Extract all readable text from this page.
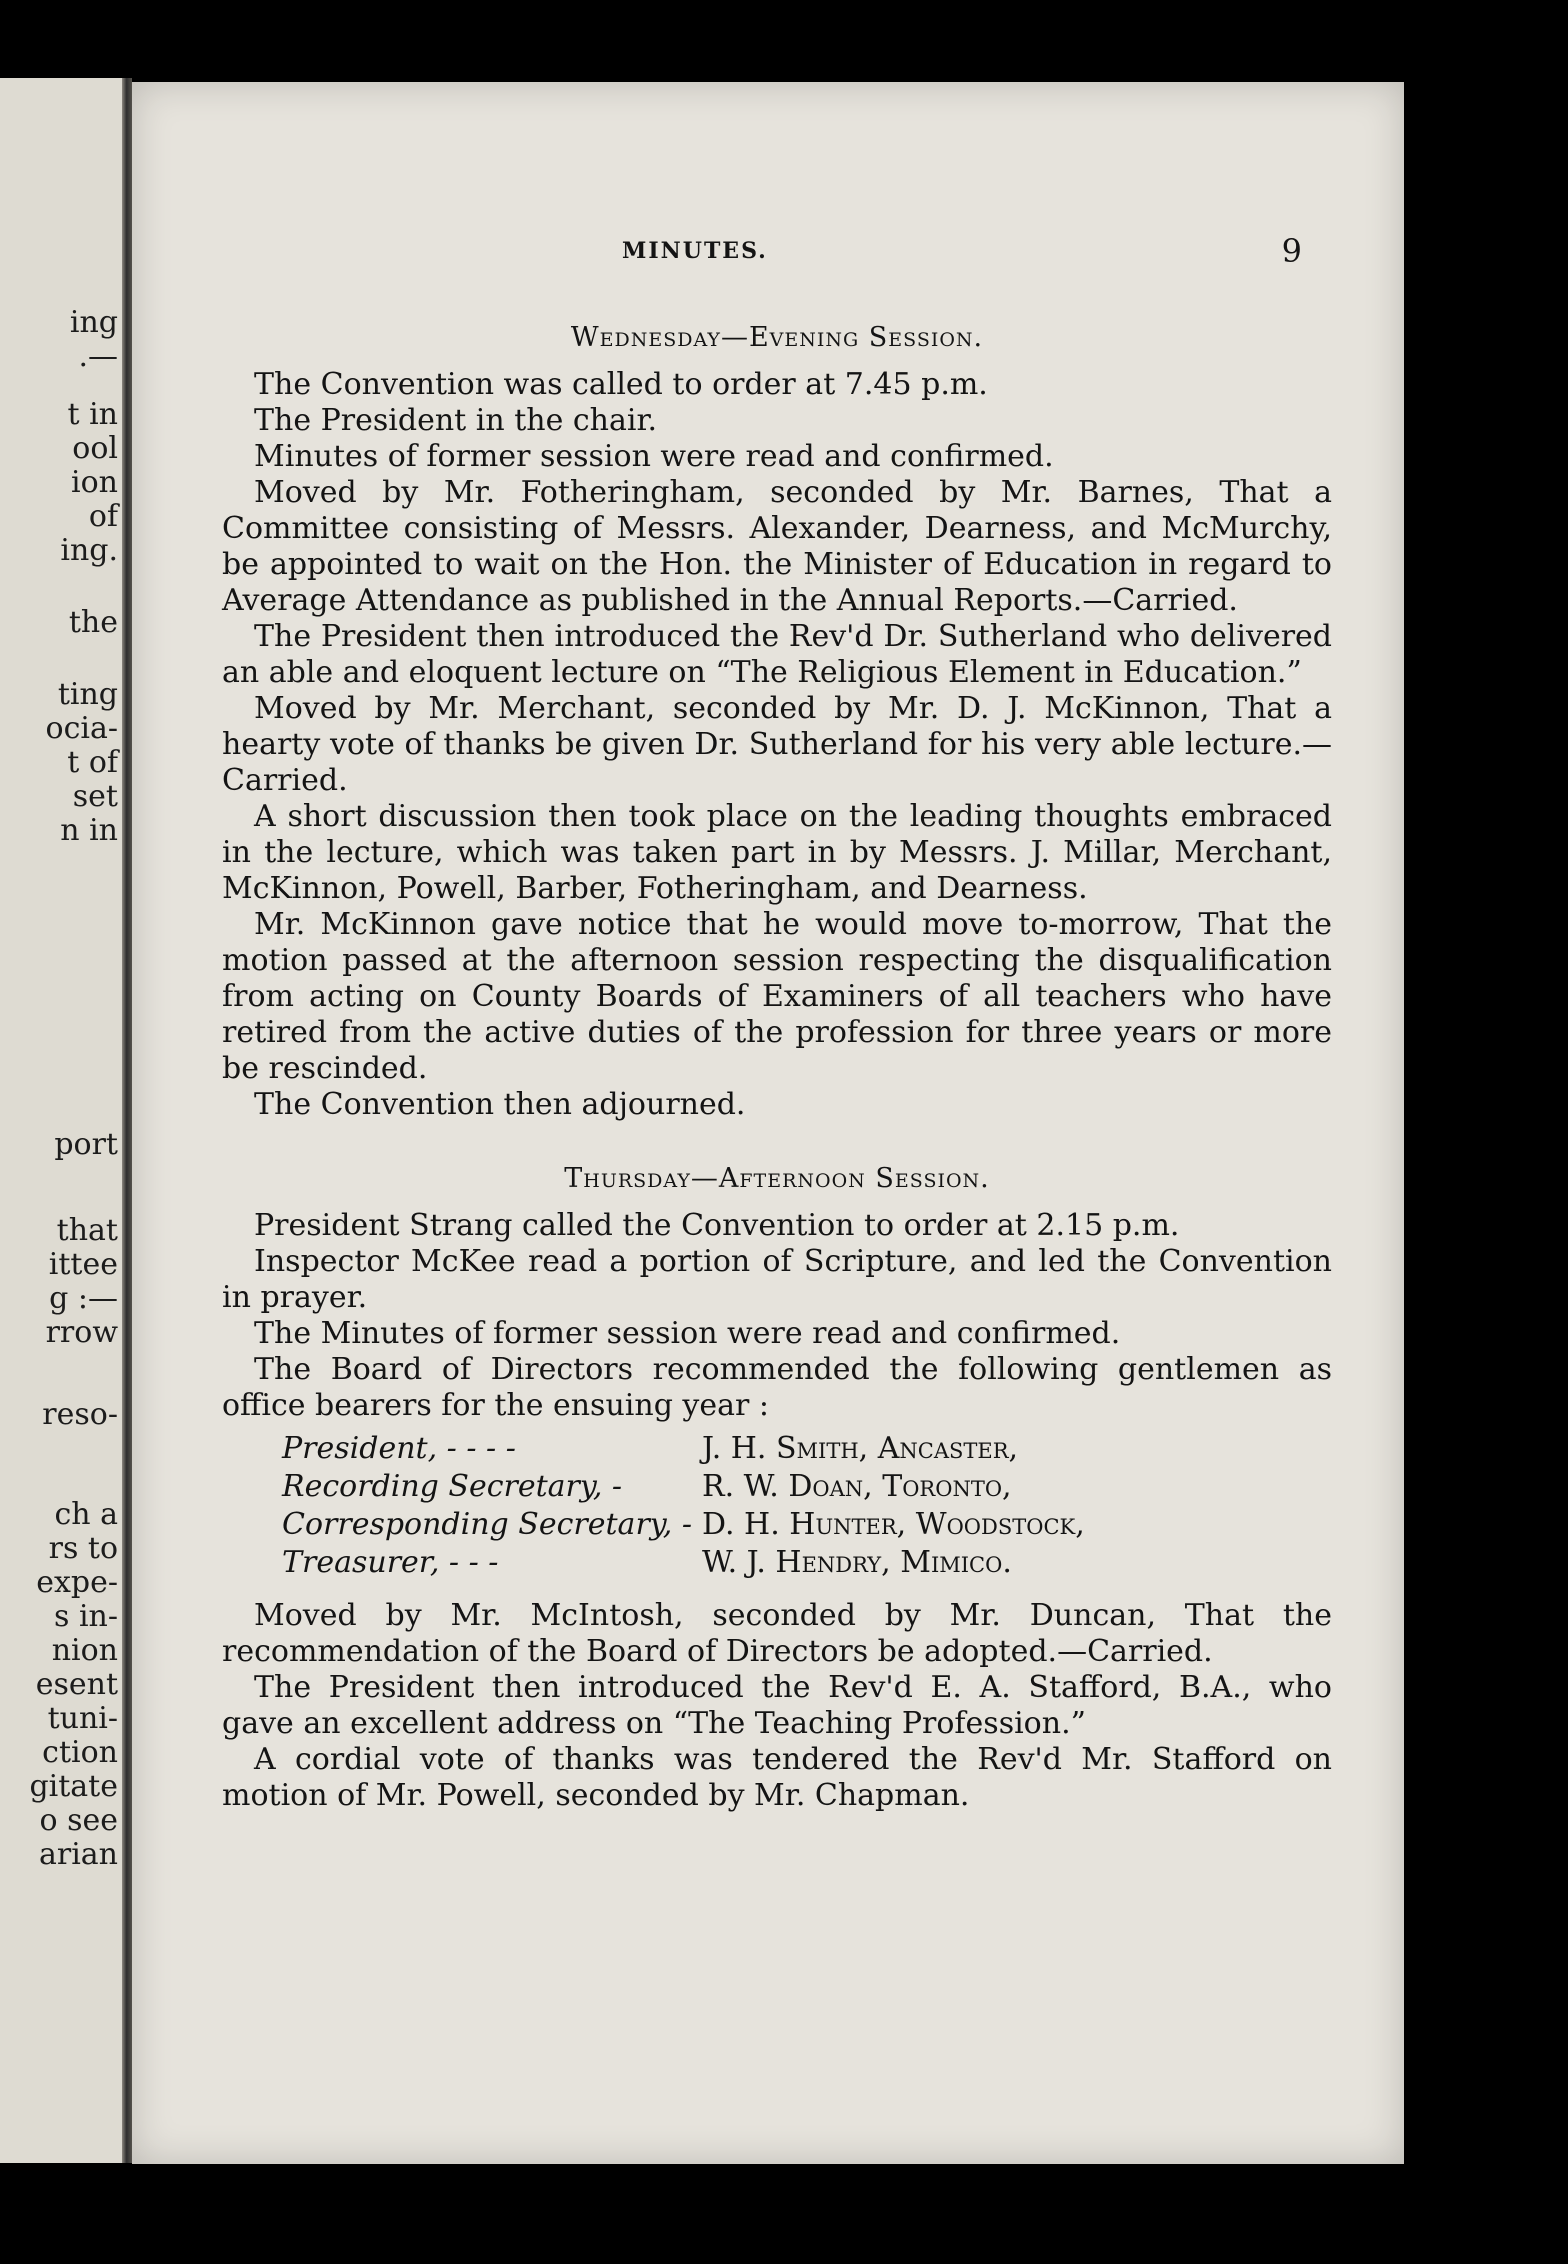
ing
.—
t in
ool
ion
of
ing.
the
ting
ocia-
t of
set
n in
port
that
ittee
g :—
rrow
reso-
ch a
rs to
expe-
s in-
nion
esent
tuni-
ction
gitate
o see
arian
MINUTES.	9
Wednesday—Evening Session.

The Convention was called to order at 7.45 p.m.

The President in the chair.

Minutes of former session were read and confirmed.

Moved by Mr. Fotheringham, seconded by Mr. Barnes, That a Committee consisting of Messrs. Alexander, Dearness, and McMurchy, be appointed to wait on the Hon. the Minister of Education in regard to Average Attendance as published in the Annual Reports.—Carried.

The President then introduced the Rev'd Dr. Sutherland who delivered an able and eloquent lecture on “The Religious Element in Education.”

Moved by Mr. Merchant, seconded by Mr. D. J. McKinnon, That a hearty vote of thanks be given Dr. Sutherland for his very able lecture.—Carried.

A short discussion then took place on the leading thoughts embraced in the lecture, which was taken part in by Messrs. J. Millar, Merchant, McKinnon, Powell, Barber, Fotheringham, and Dearness.

Mr. McKinnon gave notice that he would move to-morrow, That the motion passed at the afternoon session respecting the disqualification from acting on County Boards of Examiners of all teachers who have retired from the active duties of the profession for three years or more be rescinded.

The Convention then adjourned.

Thursday—Afternoon Session.

President Strang called the Convention to order at 2.15 p.m.

Inspector McKee read a portion of Scripture, and led the Convention in prayer.

The Minutes of former session were read and confirmed.

The Board of Directors recommended the following gentlemen as office bearers for the ensuing year :

President, - - - -	J. H. Smith, Ancaster,
Recording Secretary, -	R. W. Doan, Toronto,
Corresponding Secretary, - D. H. Hunter, Woodstock,
Treasurer, - - -	W. J. Hendry, Mimico.

Moved by Mr. McIntosh, seconded by Mr. Duncan, That the recommendation of the Board of Directors be adopted.—Carried.

The President then introduced the Rev'd E. A. Stafford, B.A., who gave an excellent address on “The Teaching Profession.”

A cordial vote of thanks was tendered the Rev'd Mr. Stafford on motion of Mr. Powell, seconded by Mr. Chapman.
